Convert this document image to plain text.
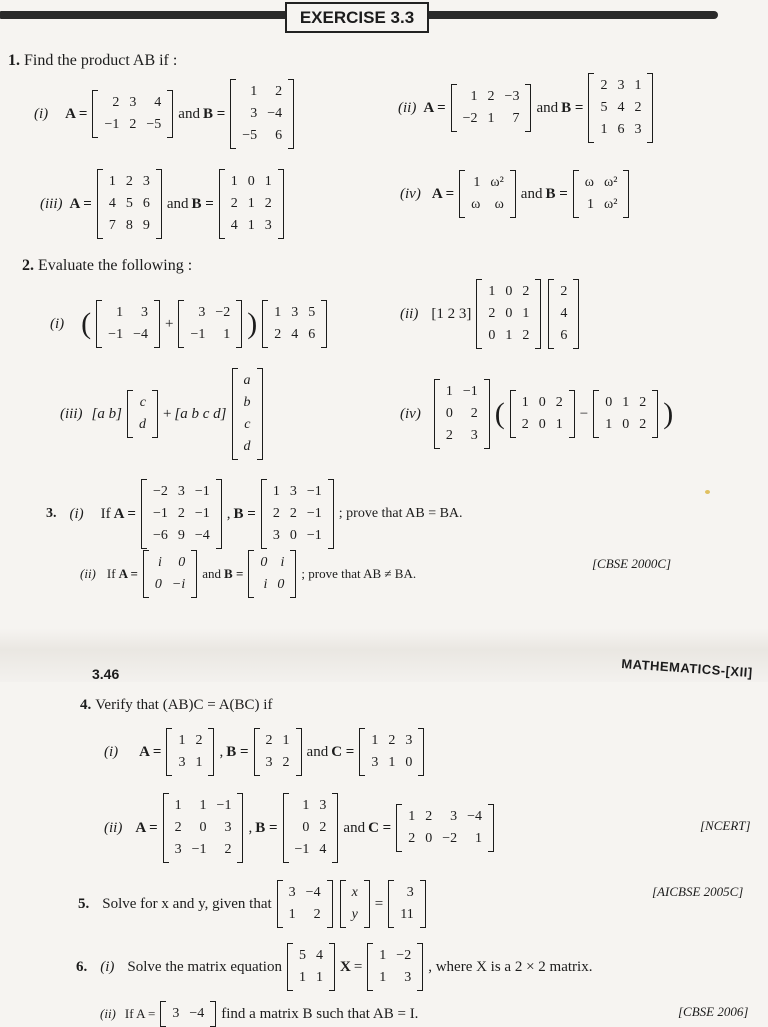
EXERCISE 3.3
1. Find the product AB if :
(i) A =
2	3	4
−1	2	−5
and B =
1	2
3	−4
−5	6
(ii) A =
1	2	−3
−2	1	7
and B =
2	3	1
5	4	2
1	6	3
(iii) A =
1	2	3
4	5	6
7	8	9
and B =
1	0	1
2	1	2
4	1	3
(iv) A =
1	ω²
ω	ω
and B =
ω	ω²
1	ω²
2. Evaluate the following :
(i) ( 1	3
−1	−4
+
3	−2
−1	1 ) 1	3	5
2	4	6
(ii) [1 2 3]
1	0	2
2	0	1
0	1	2
2
4
6
(iii) [a b]
c
d
+ [a b c d]
a
b
c
d
(iv)
1	−1
0	2
2	3
( 1	0	2
2	0	1
−
0	1	2
1	0	2 )
3. (i) If A =
−2	3	−1
−1	2	−1
−6	9	−4
, B =
1	3	−1
2	2	−1
3	0	−1
; prove that AB = BA.
(ii) If A =
i	0
0	−i
and B =
0	i
i	0
; prove that AB ≠ BA.
[CBSE 2000C]
3.46	MATHEMATICS-[XII]
4. Verify that (AB)C = A(BC) if
(i) A =
1	2
3	1
, B =
2	1
3	2
and C =
1	2	3
3	1	0
(ii) A =
1	1	−1
2	0	3
3	−1	2
, B =
1	3
0	2
−1	4
and C =
1	2	3	−4
2	0	−2	1
[NCERT]
5. Solve for x and y, given that
3	−4
1	2
x
y
=
3
11
[AICBSE 2005C]
6. (i) Solve the matrix equation
5	4
1	1
X =
1	−2
1	3
, where X is a 2 × 2 matrix.
(ii) If A = 3	−4 find a matrix B such that AB = I.	[CBSE 2006]
